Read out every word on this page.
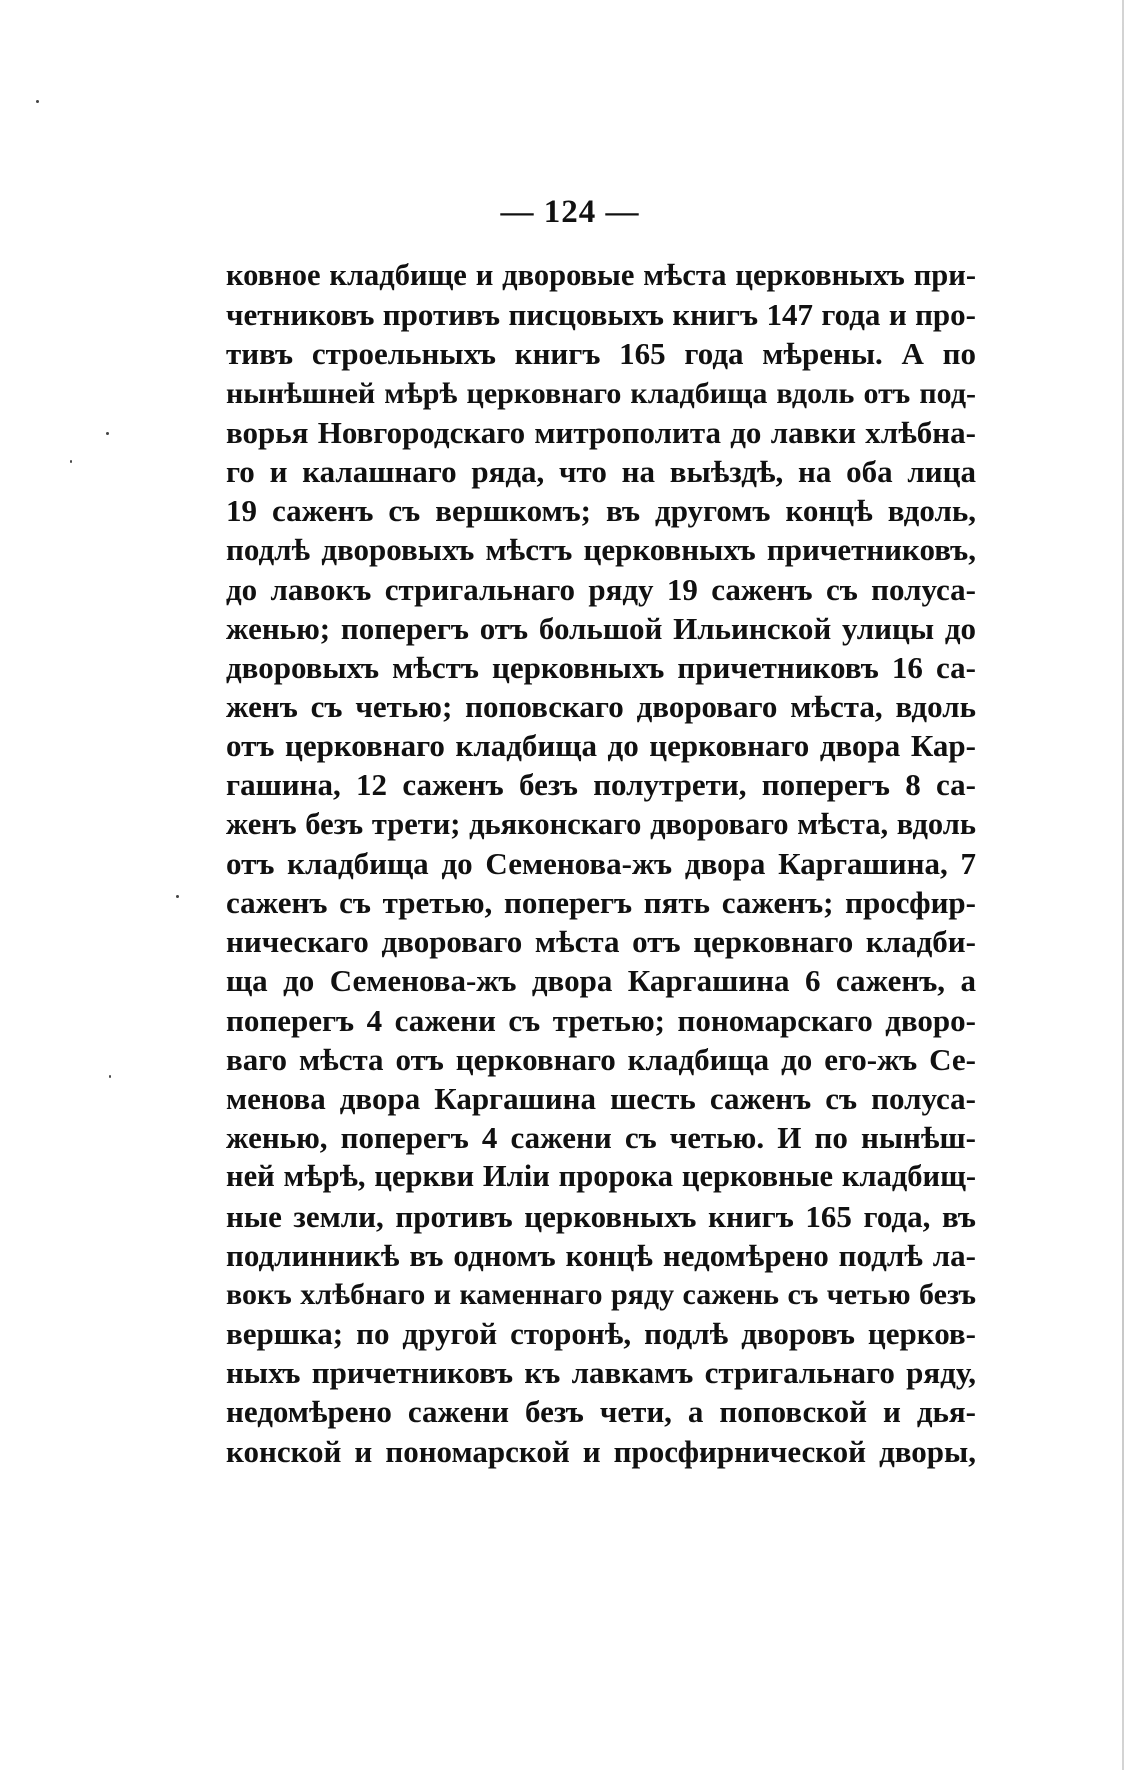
— 124 —
ковное кладбище и дворовые мѣста церковныхъ при-
четниковъ противъ писцовыхъ книгъ 147 года и про-
тивъ строельныхъ книгъ 165 года мѣрены. А по
нынѣшней мѣрѣ церковнаго кладбища вдоль отъ под-
ворья Новгородскаго митрополита до лавки хлѣбна-
го и калашнаго ряда, что на выѣздѣ, на оба лица
19 саженъ съ вершкомъ; въ другомъ концѣ вдоль,
подлѣ дворовыхъ мѣстъ церковныхъ причетниковъ,
до лавокъ стригальнаго ряду 19 саженъ съ полуса-
женью; поперегъ отъ большой Ильинской улицы до
дворовыхъ мѣстъ церковныхъ причетниковъ 16 са-
женъ съ четью; поповскаго двороваго мѣста, вдоль
отъ церковнаго кладбища до церковнаго двора Кар-
гашина, 12 саженъ безъ полутрети, поперегъ 8 са-
женъ безъ трети; дьяконскаго двороваго мѣста, вдоль
отъ кладбища до Семенова-жъ двора Каргашина, 7
саженъ съ третью, поперегъ пять саженъ; просфир-
ническаго двороваго мѣста отъ церковнаго кладби-
ща до Семенова-жъ двора Каргашина 6 саженъ, а
поперегъ 4 сажени съ третью; пономарскаго дворо-
ваго мѣста отъ церковнаго кладбища до его-жъ Се-
менова двора Каргашина шесть саженъ съ полуса-
женью, поперегъ 4 сажени съ четью. И по нынѣш-
ней мѣрѣ, церкви Иліи пророка церковные кладбищ-
ные земли, противъ церковныхъ книгъ 165 года, въ
подлинникѣ въ одномъ концѣ недомѣрено подлѣ ла-
вокъ хлѣбнаго и каменнаго ряду сажень съ четью безъ
вершка; по другой сторонѣ, подлѣ дворовъ церков-
ныхъ причетниковъ къ лавкамъ стригальнаго ряду,
недомѣрено сажени безъ чети, а поповской и дья-
конской и пономарской и просфирнической дворы,
